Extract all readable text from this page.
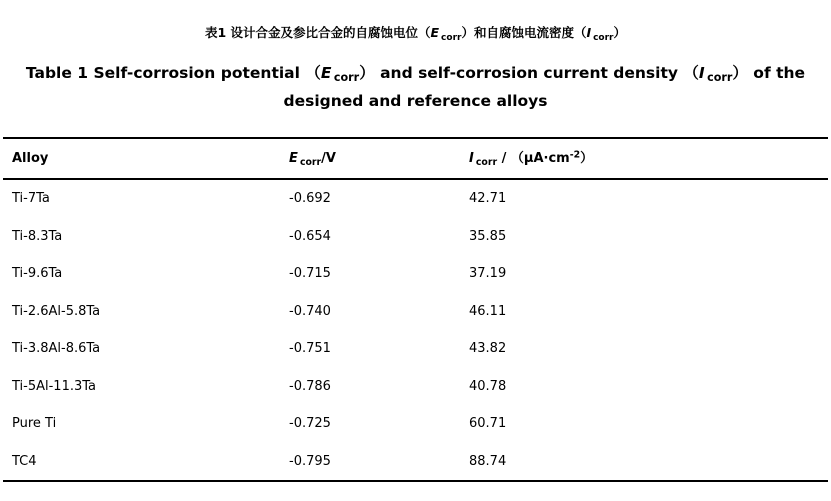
表1 设计合金及参比合金的自腐蚀电位（E $_{corr}$）和自腐蚀电流密度（I $_{corr}$）
Table 1 Self-corrosion potential （E $_{corr}$） and self-corrosion current density （I $_{corr}$） of the
designed and reference alloys
Alloy	E $_{corr}$/V	I $_{corr} / (\mu A\cdot cm^{-2})$
Ti-7Ta	-0.692	42.71
Ti-8.3Ta	-0.654	35.85
Ti-9.6Ta	-0.715	37.19
Ti-2.6Al-5.8Ta	-0.740	46.11
Ti-3.8Al-8.6Ta	-0.751	43.82
Ti-5Al-11.3Ta	-0.786	40.78
Pure Ti	-0.725	60.71
TC4	-0.795	88.74
